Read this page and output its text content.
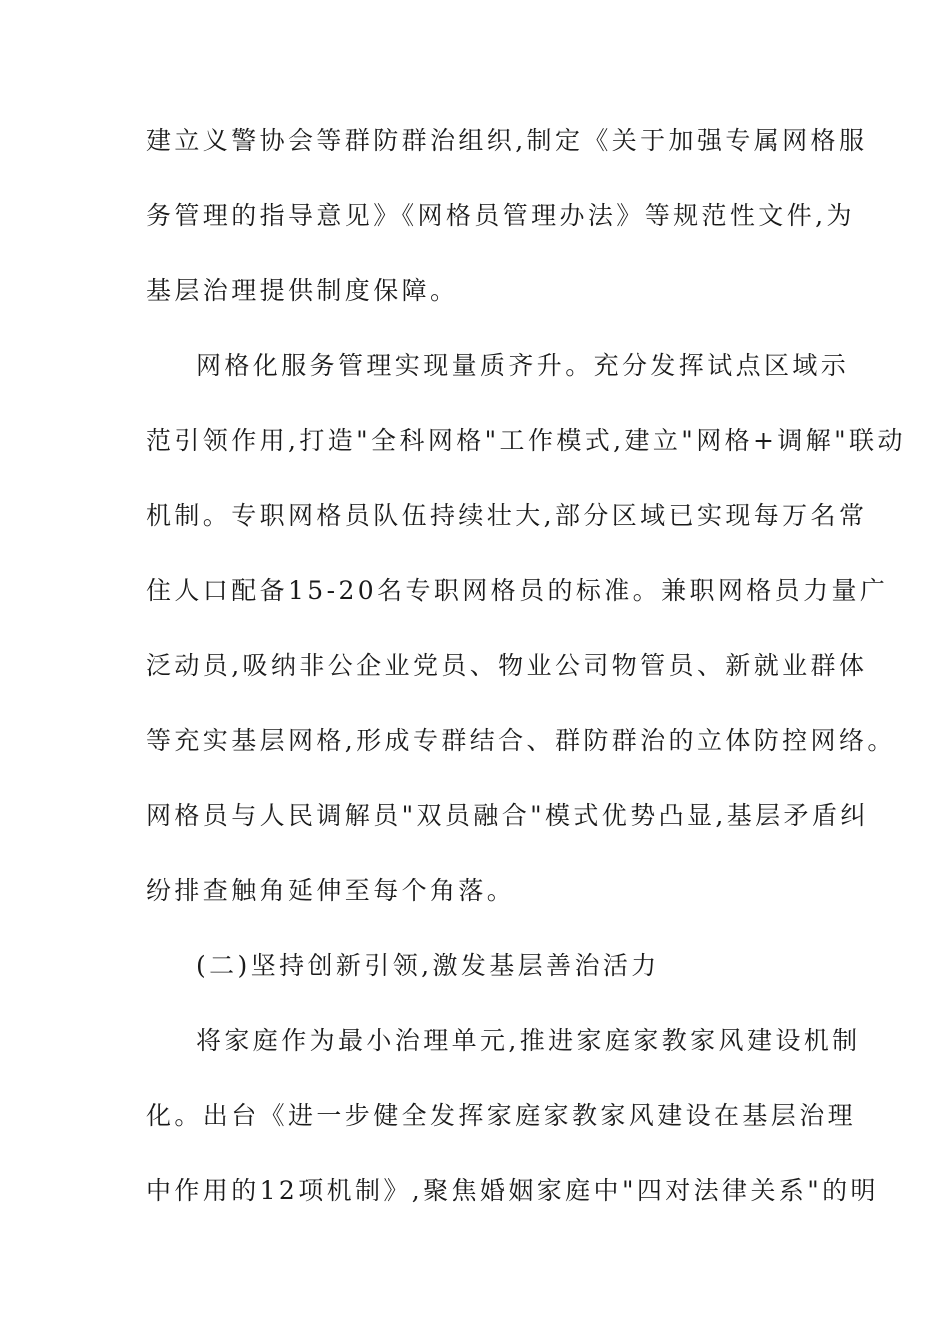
建立义警协会等群防群治组织,制定《关于加强专属网格服
务管理的指导意见》《网格员管理办法》等规范性文件,为
基层治理提供制度保障。
网格化服务管理实现量质齐升。充分发挥试点区域示
范引领作用,打造"全科网格"工作模式,建立"网格+调解"联动
机制。专职网格员队伍持续壮大,部分区域已实现每万名常
住人口配备15-20名专职网格员的标准。兼职网格员力量广
泛动员,吸纳非公企业党员、物业公司物管员、新就业群体
等充实基层网格,形成专群结合、群防群治的立体防控网络。
网格员与人民调解员"双员融合"模式优势凸显,基层矛盾纠
纷排查触角延伸至每个角落。
(二)坚持创新引领,激发基层善治活力
将家庭作为最小治理单元,推进家庭家教家风建设机制
化。出台《进一步健全发挥家庭家教家风建设在基层治理
中作用的12项机制》,聚焦婚姻家庭中"四对法律关系"的明
